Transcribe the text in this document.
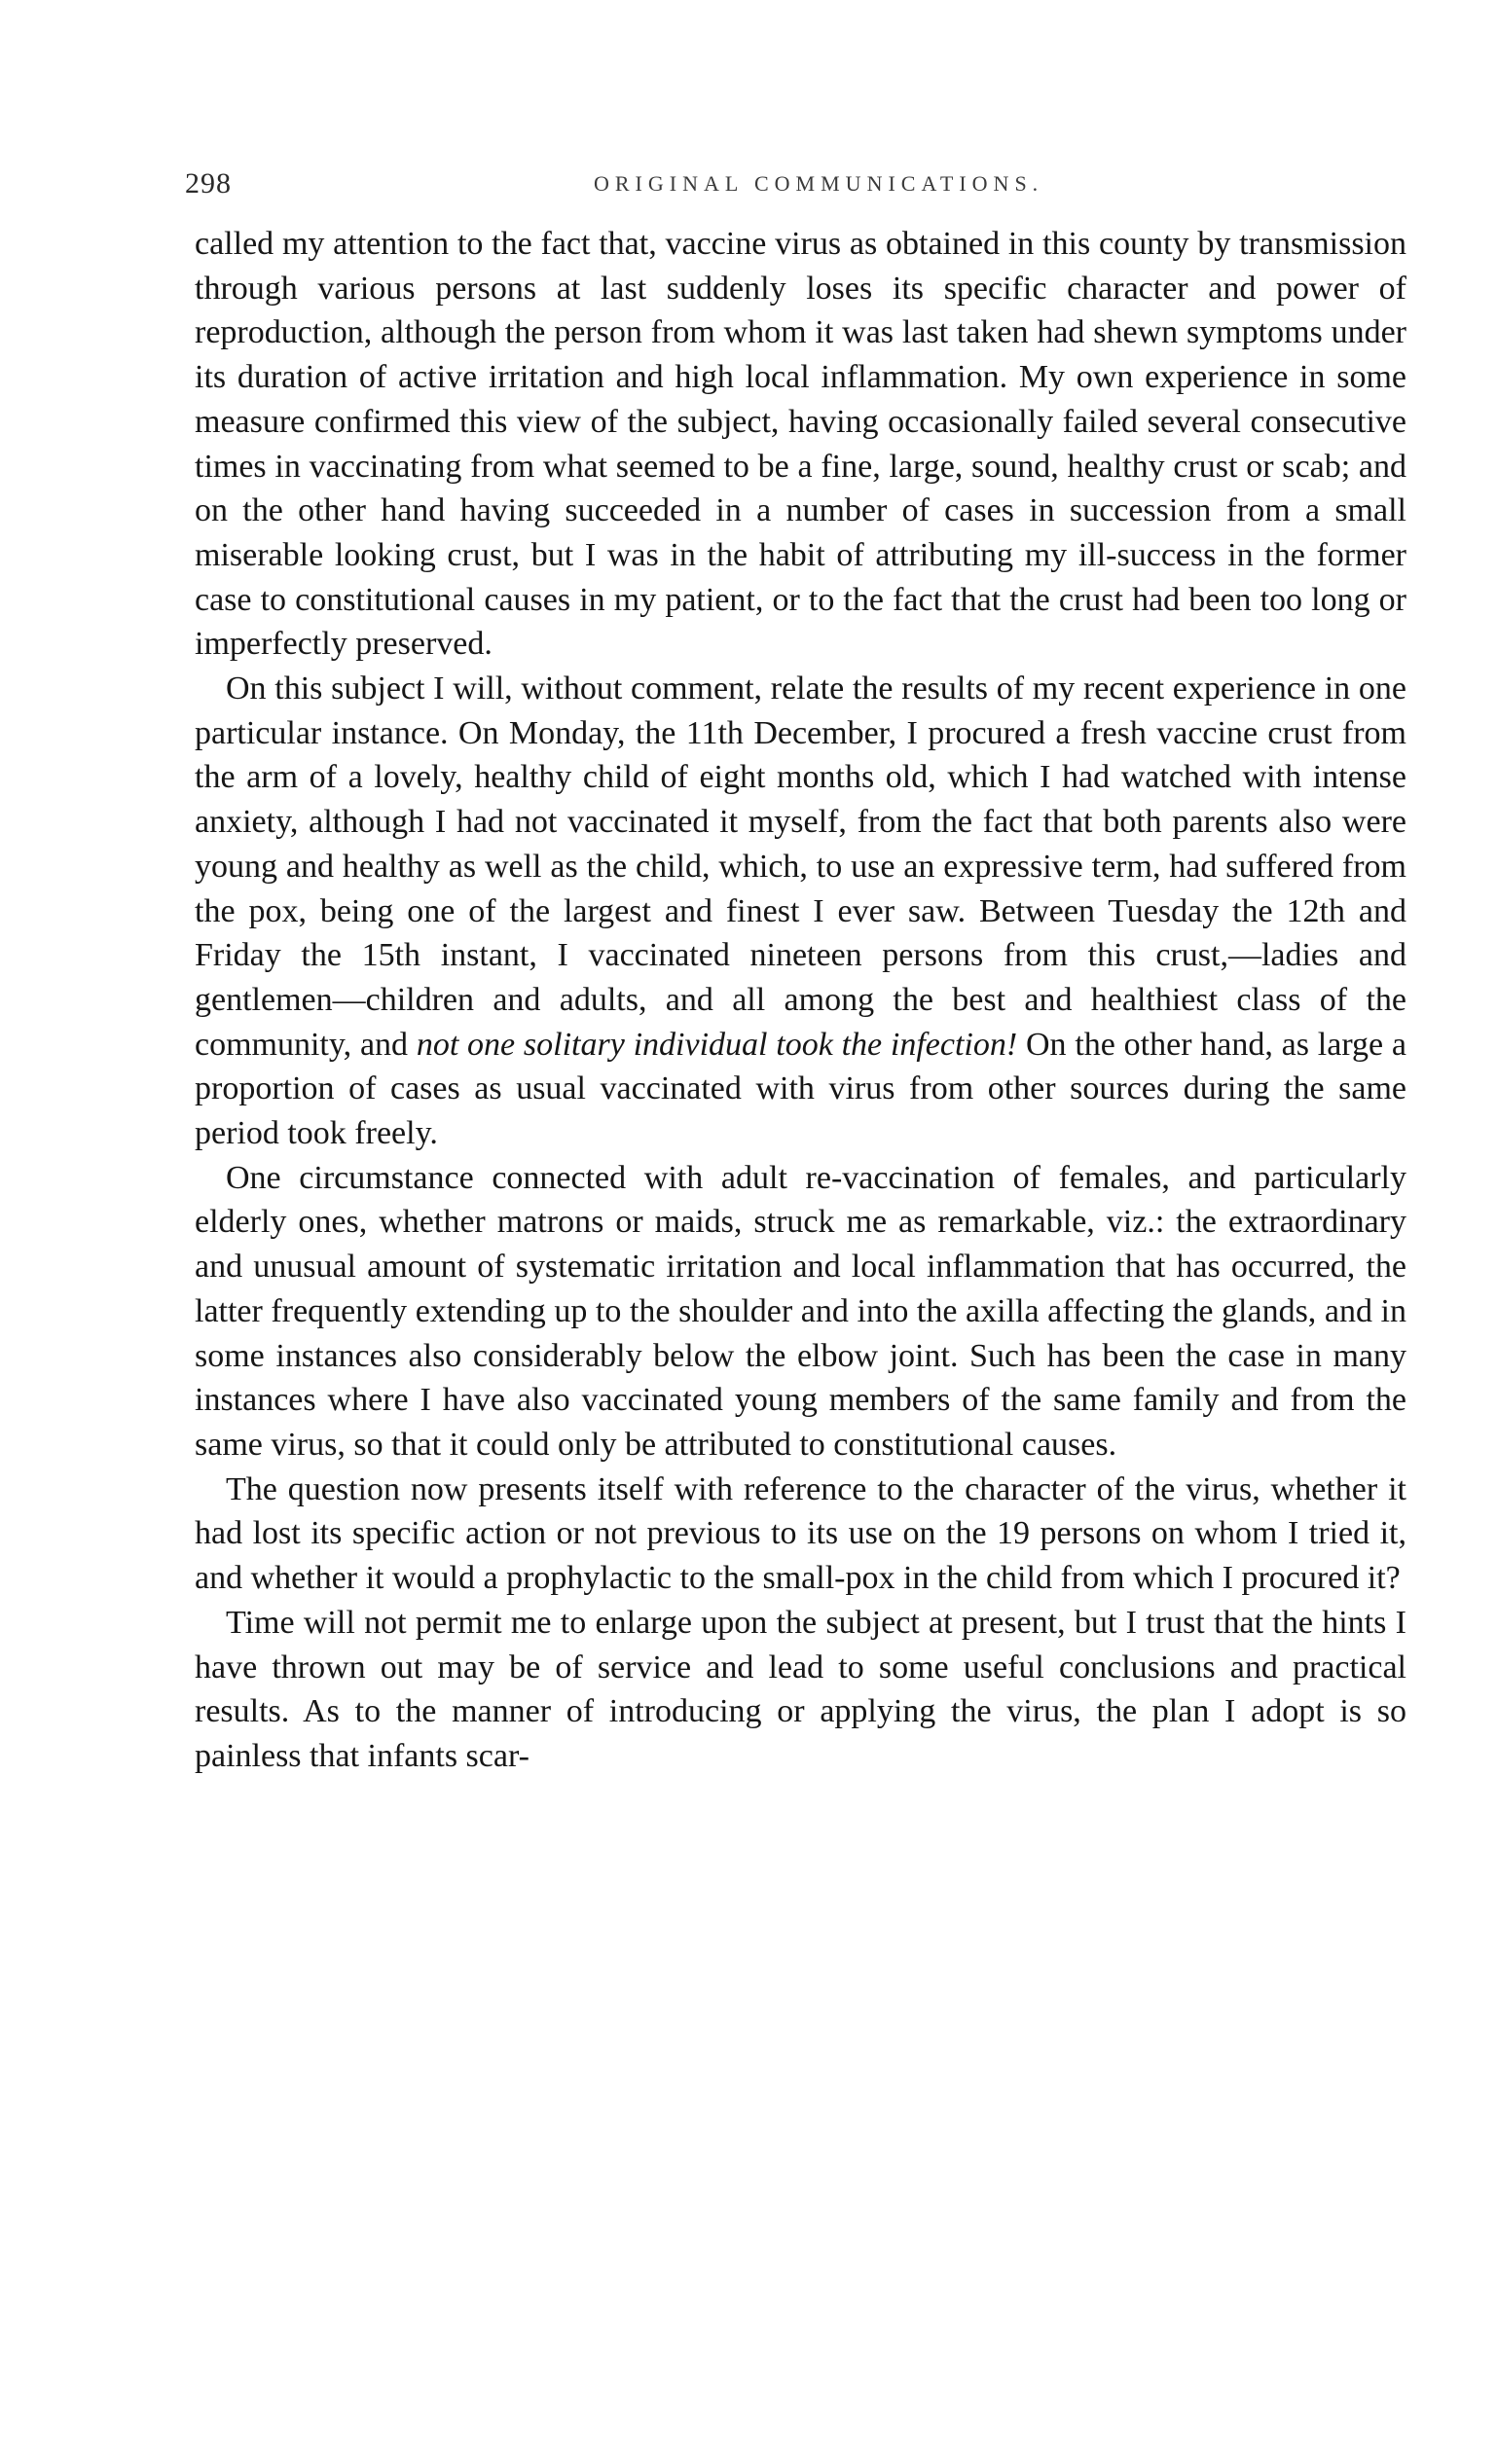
298	ORIGINAL COMMUNICATIONS.

called my attention to the fact that, vaccine virus as obtained in this county by transmission through various persons at last suddenly loses its specific character and power of reproduction, although the person from whom it was last taken had shewn symptoms under its duration of active irritation and high local inflammation. My own experience in some measure confirmed this view of the subject, having occasionally failed several consecutive times in vaccinating from what seemed to be a fine, large, sound, healthy crust or scab; and on the other hand having succeeded in a number of cases in succession from a small miserable looking crust, but I was in the habit of attributing my ill-success in the former case to constitutional causes in my patient, or to the fact that the crust had been too long or imperfectly preserved.

On this subject I will, without comment, relate the results of my recent experience in one particular instance. On Monday, the 11th December, I procured a fresh vaccine crust from the arm of a lovely, healthy child of eight months old, which I had watched with intense anxiety, although I had not vaccinated it myself, from the fact that both parents also were young and healthy as well as the child, which, to use an expressive term, had suffered from the pox, being one of the largest and finest I ever saw. Between Tuesday the 12th and Friday the 15th instant, I vaccinated nineteen persons from this crust,—ladies and gentlemen—children and adults, and all among the best and healthiest class of the community, and not one solitary individual took the infection! On the other hand, as large a proportion of cases as usual vaccinated with virus from other sources during the same period took freely.

One circumstance connected with adult re-vaccination of females, and particularly elderly ones, whether matrons or maids, struck me as remarkable, viz.: the extraordinary and unusual amount of systematic irritation and local inflammation that has occurred, the latter frequently extending up to the shoulder and into the axilla affecting the glands, and in some instances also considerably below the elbow joint. Such has been the case in many instances where I have also vaccinated young members of the same family and from the same virus, so that it could only be attributed to constitutional causes.

The question now presents itself with reference to the character of the virus, whether it had lost its specific action or not previous to its use on the 19 persons on whom I tried it, and whether it would a prophylactic to the small-pox in the child from which I procured it?

Time will not permit me to enlarge upon the subject at present, but I trust that the hints I have thrown out may be of service and lead to some useful conclusions and practical results. As to the manner of introducing or applying the virus, the plan I adopt is so painless that infants scar-
